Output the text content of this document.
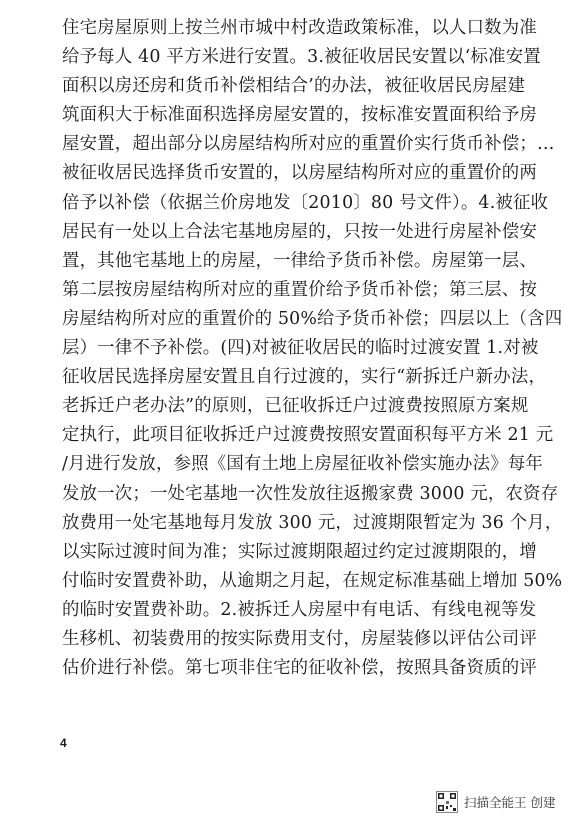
住宅房屋原则上按兰州市城中村改造政策标准，以人口数为准
给予每人 40 平方米进行安置。3.被征收居民安置以‘标准安置
面积以房还房和货币补偿相结合’的办法，被征收居民房屋建
筑面积大于标准面积选择房屋安置的，按标准安置面积给予房
屋安置，超出部分以房屋结构所对应的重置价实行货币补偿；…
被征收居民选择货币安置的，以房屋结构所对应的重置价的两
倍予以补偿（依据兰价房地发〔2010〕80 号文件）。4.被征收
居民有一处以上合法宅基地房屋的，只按一处进行房屋补偿安
置，其他宅基地上的房屋，一律给予货币补偿。房屋第一层、
第二层按房屋结构所对应的重置价给予货币补偿；第三层、按
房屋结构所对应的重置价的 50%给予货币补偿；四层以上（含四
层）一律不予补偿。(四)对被征收居民的临时过渡安置 1.对被
征收居民选择房屋安置且自行过渡的，实行“新拆迁户新办法，
老拆迁户老办法”的原则，已征收拆迁户过渡费按照原方案规
定执行，此项目征收拆迁户过渡费按照安置面积每平方米 21 元
/月进行发放，参照《国有土地上房屋征收补偿实施办法》每年
发放一次；一处宅基地一次性发放往返搬家费 3000 元，农资存
放费用一处宅基地每月发放 300 元，过渡期限暂定为 36 个月，
以实际过渡时间为准；实际过渡期限超过约定过渡期限的，增
付临时安置费补助，从逾期之月起，在规定标准基础上增加 50%
的临时安置费补助。2.被拆迁人房屋中有电话、有线电视等发
生移机、初装费用的按实际费用支付，房屋装修以评估公司评
估价进行补偿。第七项非住宅的征收补偿，按照具备资质的评
4
扫描全能王 创建
